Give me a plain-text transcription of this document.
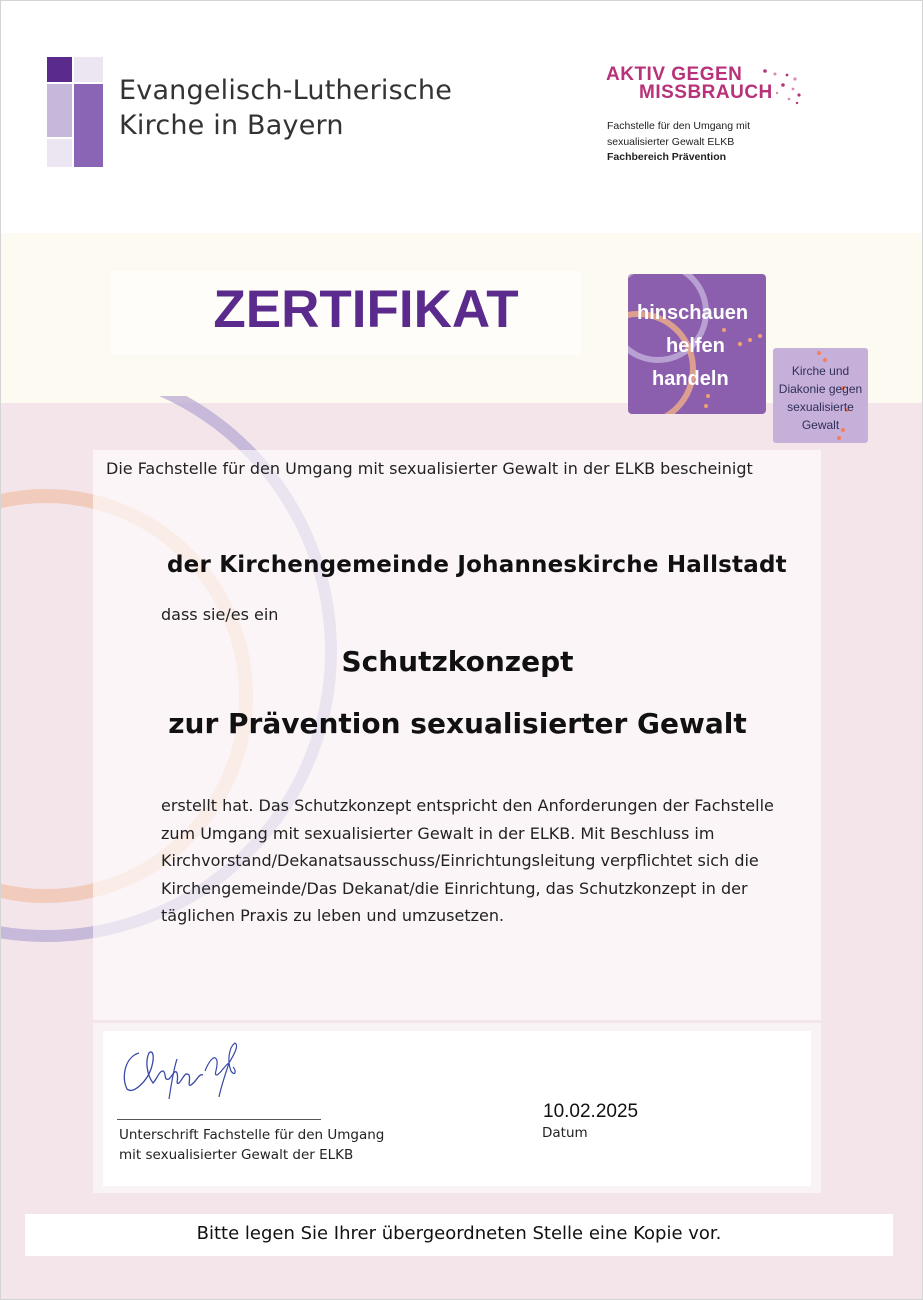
Evangelisch-Lutherische
Kirche in Bayern
AKTIV GEGEN
MISSBRAUCH
Fachstelle für den Umgang mit
sexualisierter Gewalt ELKB
Fachbereich Prävention
ZERTIFIKAT	hinschauen
helfen
handeln	Kirche und
Diakonie gegen
sexualisierte
Gewalt
Die Fachstelle für den Umgang mit sexualisierter Gewalt in der ELKB bescheinigt
der Kirchengemeinde Johanneskirche Hallstadt
dass sie/es ein
Schutzkonzept
zur Prävention sexualisierter Gewalt
erstellt hat. Das Schutzkonzept entspricht den Anforderungen der Fachstelle
zum Umgang mit sexualisierter Gewalt in der ELKB. Mit Beschluss im
Kirchvorstand/Dekanatsausschuss/Einrichtungsleitung verpflichtet sich die
Kirchengemeinde/Das Dekanat/die Einrichtung, das Schutzkonzept in der
täglichen Praxis zu leben und umzusetzen.
Unterschrift Fachstelle für den Umgang
mit sexualisierter Gewalt der ELKB
10.02.2025
Datum
Bitte legen Sie Ihrer übergeordneten Stelle eine Kopie vor.
